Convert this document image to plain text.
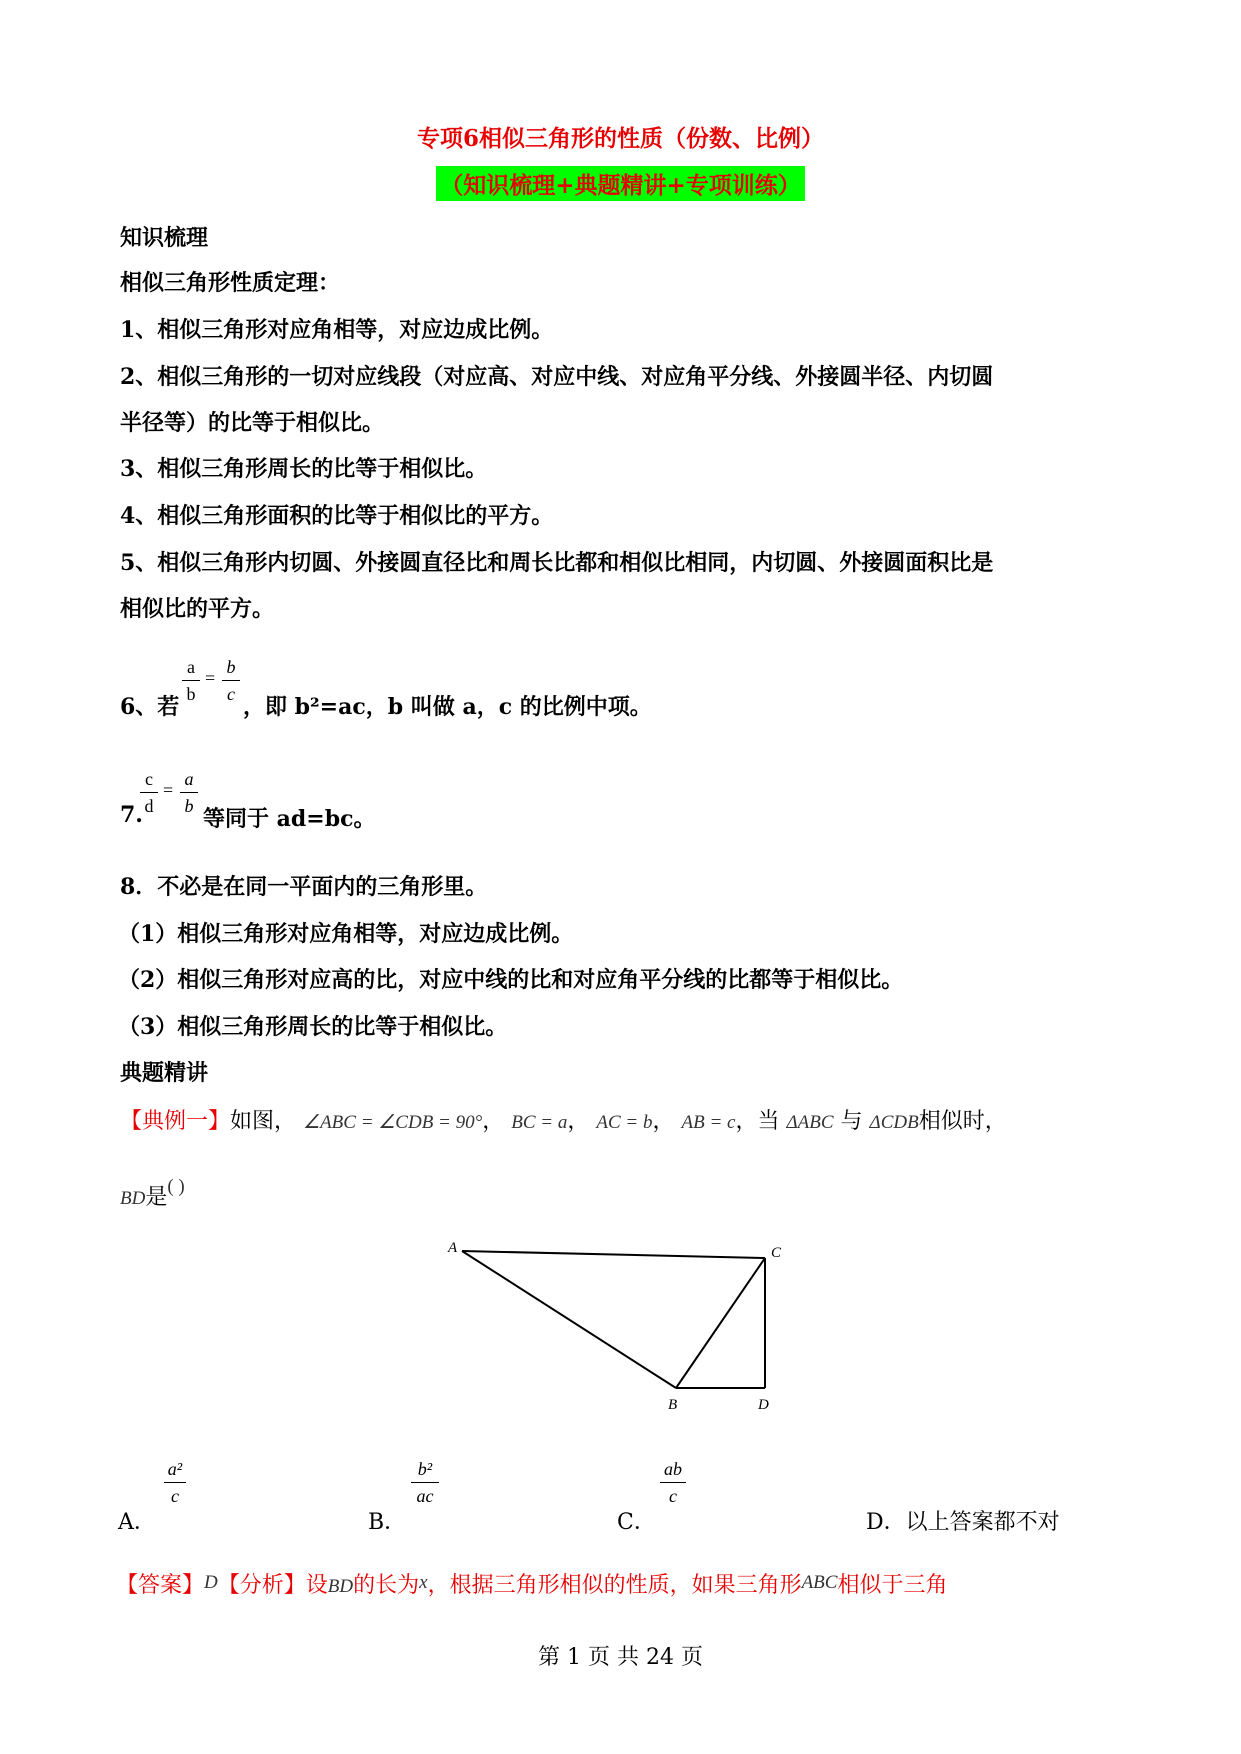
专项6相似三角形的性质（份数、比例）
（知识梳理+典题精讲+专项训练）
知识梳理
相似三角形性质定理：
1、相似三角形对应角相等，对应边成比例。
2、相似三角形的一切对应线段（对应高、对应中线、对应角平分线、外接圆半径、内切圆
半径等）的比等于相似比。
3、相似三角形周长的比等于相似比。
4、相似三角形面积的比等于相似比的平方。
5、相似三角形内切圆、外接圆直径比和周长比都和相似比相同，内切圆、外接圆面积比是
相似比的平方。
6、若
a
b
=
b
c ，即 b²=ac，b 叫做 a，c 的比例中项。
7.
c
d
=
a
b 等同于 ad=bc。
8．不必是在同一平面内的三角形里。
（1）相似三角形对应角相等，对应边成比例。
（2）相似三角形对应高的比，对应中线的比和对应角平分线的比都等于相似比。
（3）相似三角形周长的比等于相似比。
典题精讲
【典例一】如图， ∠ABC = ∠CDB = 90°， BC = a， AC = b， AB = c，当 ΔABC 与 ΔCDB相似时，
BD是( )
A	C
B	D
A．
a²
c
B．
b²
ac
C．
ab
c
D．以上答案都不对
【答案】D【分析】设BD的长为x，根据三角形相似的性质，如果三角形ABC相似于三角
第 1 页 共 24 页
